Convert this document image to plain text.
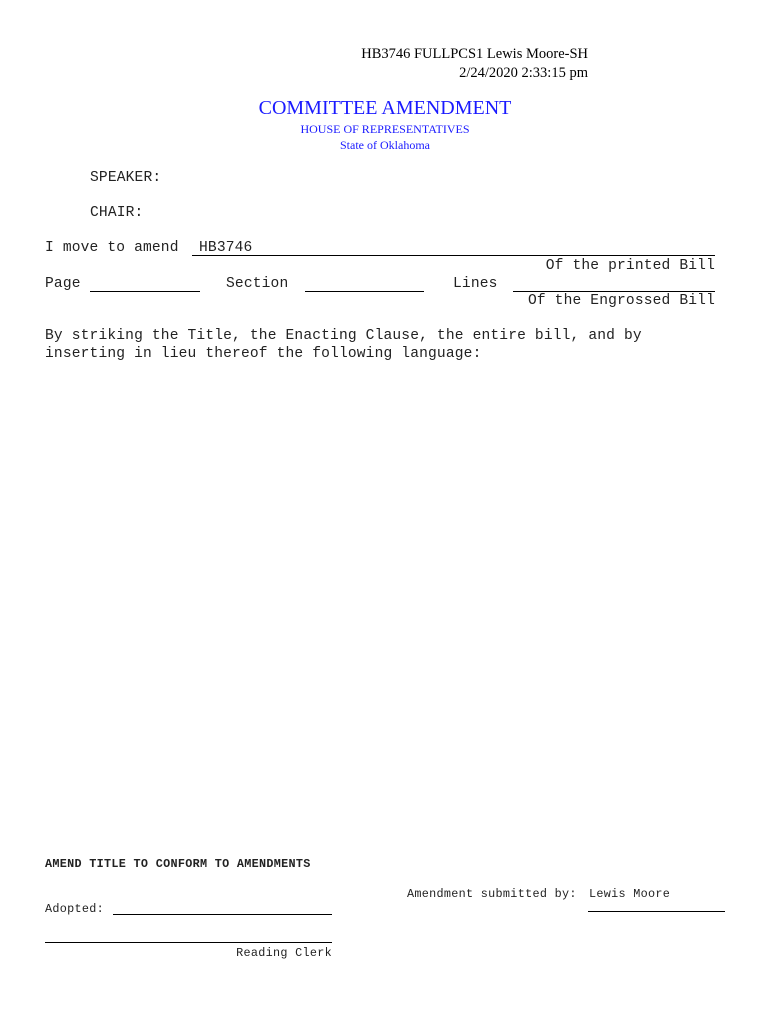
HB3746 FULLPCS1 Lewis Moore-SH
2/24/2020 2:33:15 pm
COMMITTEE AMENDMENT
HOUSE OF REPRESENTATIVES
State of Oklahoma
SPEAKER:
CHAIR:
I move to amend HB3746
Of the printed Bill
Page	Section	Lines
Of the Engrossed Bill
By striking the Title, the Enacting Clause, the entire bill, and by
inserting in lieu thereof the following language:
AMEND TITLE TO CONFORM TO AMENDMENTS
Amendment submitted by: Lewis Moore
Adopted:
Reading Clerk
